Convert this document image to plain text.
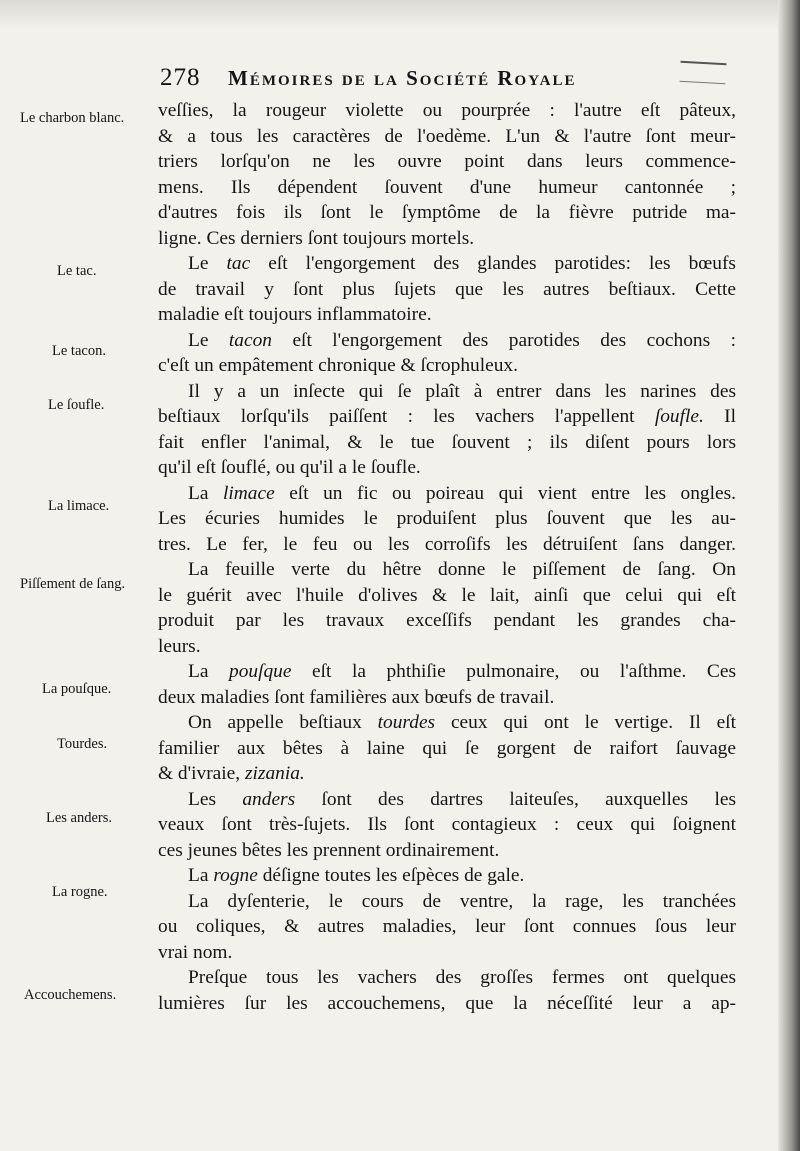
278 Mémoires de la Société Royale
Le charbon blanc.
Le tac.
Le tacon.
Le ſoufle.
La limace.
Piſſement de ſang.
La pouſque.
Tourdes.
Les anders.
La rogne.
Accouchemens.
veſſies, la rougeur violette ou pourprée : l'autre eſt pâteux,
& a tous les caractères de l'oedème. L'un & l'autre ſont meur-
triers lorſqu'on ne les ouvre point dans leurs commence-
mens. Ils dépendent ſouvent d'une humeur cantonnée ;
d'autres fois ils ſont le ſymptôme de la fièvre putride ma-
ligne. Ces derniers ſont toujours mortels.
Le tac eſt l'engorgement des glandes parotides: les bœufs
de travail y ſont plus ſujets que les autres beſtiaux. Cette
maladie eſt toujours inflammatoire.
Le tacon eſt l'engorgement des parotides des cochons :
c'eſt un empâtement chronique & ſcrophuleux.
Il y a un inſecte qui ſe plaît à entrer dans les narines des
beſtiaux lorſqu'ils paiſſent : les vachers l'appellent ſoufle. Il
fait enfler l'animal, & le tue ſouvent ; ils diſent pours lors
qu'il eſt ſouflé, ou qu'il a le ſoufle.
La limace eſt un fic ou poireau qui vient entre les ongles.
Les écuries humides le produiſent plus ſouvent que les au-
tres. Le fer, le feu ou les corroſifs les détruiſent ſans danger.
La feuille verte du hêtre donne le piſſement de ſang. On
le guérit avec l'huile d'olives & le lait, ainſi que celui qui eſt
produit par les travaux exceſſifs pendant les grandes cha-
leurs.
La pouſque eſt la phthiſie pulmonaire, ou l'aſthme. Ces
deux maladies ſont familières aux bœufs de travail.
On appelle beſtiaux tourdes ceux qui ont le vertige. Il eſt
familier aux bêtes à laine qui ſe gorgent de raifort ſauvage
& d'ivraie, zizania.
Les anders ſont des dartres laiteuſes, auxquelles les
veaux ſont très-ſujets. Ils ſont contagieux : ceux qui ſoignent
ces jeunes bêtes les prennent ordinairement.
La rogne déſigne toutes les eſpèces de gale.
La dyſenterie, le cours de ventre, la rage, les tranchées
ou coliques, & autres maladies, leur ſont connues ſous leur
vrai nom.
Preſque tous les vachers des groſſes fermes ont quelques
lumières ſur les accouchemens, que la néceſſité leur a ap-
